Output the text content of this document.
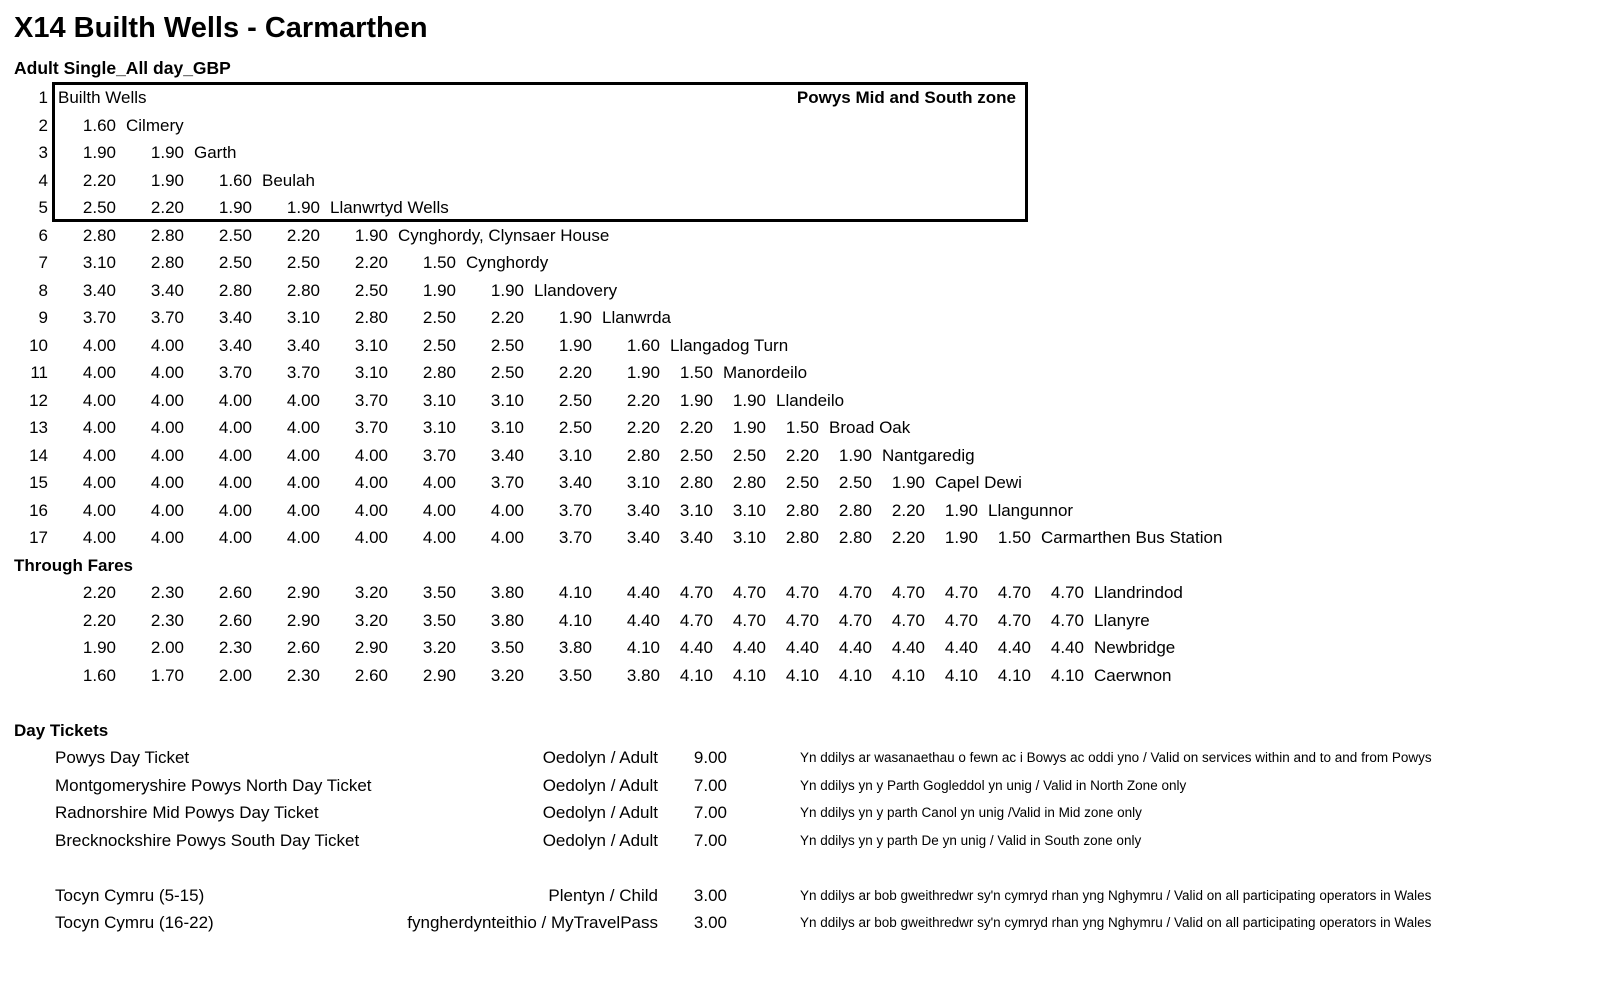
X14 Builth Wells - Carmarthen
Adult Single_All day_GBP
Powys Mid and South zone
1 Builth Wells
2	1.60 Cilmery
3	1.90	1.90 Garth
4	2.20	1.90	1.60 Beulah
5	2.50	2.20	1.90	1.90 Llanwrtyd Wells
6	2.80	2.80	2.50	2.20	1.90 Cynghordy, Clynsaer House
7	3.10	2.80	2.50	2.50	2.20	1.50 Cynghordy
8	3.40	3.40	2.80	2.80	2.50	1.90	1.90 Llandovery
9	3.70	3.70	3.40	3.10	2.80	2.50	2.20	1.90 Llanwrda
10	4.00	4.00	3.40	3.40	3.10	2.50	2.50	1.90	1.60 Llangadog Turn
11	4.00	4.00	3.70	3.70	3.10	2.80	2.50	2.20	1.90	1.50 Manordeilo
12	4.00	4.00	4.00	4.00	3.70	3.10	3.10	2.50	2.20	1.90	1.90 Llandeilo
13	4.00	4.00	4.00	4.00	3.70	3.10	3.10	2.50	2.20	2.20	1.90	1.50 Broad Oak
14	4.00	4.00	4.00	4.00	4.00	3.70	3.40	3.10	2.80	2.50	2.50	2.20	1.90 Nantgaredig
15	4.00	4.00	4.00	4.00	4.00	4.00	3.70	3.40	3.10	2.80	2.80	2.50	2.50	1.90 Capel Dewi
16	4.00	4.00	4.00	4.00	4.00	4.00	4.00	3.70	3.40	3.10	3.10	2.80	2.80	2.20	1.90 Llangunnor
17	4.00	4.00	4.00	4.00	4.00	4.00	4.00	3.70	3.40	3.40	3.10	2.80	2.80	2.20	1.90	1.50 Carmarthen Bus Station
Through Fares
2.20	2.30	2.60	2.90	3.20	3.50	3.80	4.10	4.40	4.70	4.70	4.70	4.70	4.70	4.70	4.70	4.70 Llandrindod
2.20	2.30	2.60	2.90	3.20	3.50	3.80	4.10	4.40	4.70	4.70	4.70	4.70	4.70	4.70	4.70	4.70 Llanyre
1.90	2.00	2.30	2.60	2.90	3.20	3.50	3.80	4.10	4.40	4.40	4.40	4.40	4.40	4.40	4.40	4.40 Newbridge
1.60	1.70	2.00	2.30	2.60	2.90	3.20	3.50	3.80	4.10	4.10	4.10	4.10	4.10	4.10	4.10	4.10 Caerwnon
Day Tickets
Powys Day Ticket	Oedolyn / Adult	9.00	Yn ddilys ar wasanaethau o fewn ac i Bowys ac oddi yno / Valid on services within and to and from Powys
Montgomeryshire Powys North Day Ticket	Oedolyn / Adult	7.00	Yn ddilys yn y Parth Gogleddol yn unig / Valid in North Zone only
Radnorshire Mid Powys Day Ticket	Oedolyn / Adult	7.00	Yn ddilys yn y parth Canol yn unig /Valid in Mid zone only
Brecknockshire Powys South Day Ticket	Oedolyn / Adult	7.00	Yn ddilys yn y parth De yn unig / Valid in South zone only
Tocyn Cymru (5-15)	Plentyn / Child	3.00	Yn ddilys ar bob gweithredwr sy'n cymryd rhan yng Nghymru / Valid on all participating operators in Wales
Tocyn Cymru (16-22)	fyngherdynteithio / MyTravelPass	3.00	Yn ddilys ar bob gweithredwr sy'n cymryd rhan yng Nghymru / Valid on all participating operators in Wales
